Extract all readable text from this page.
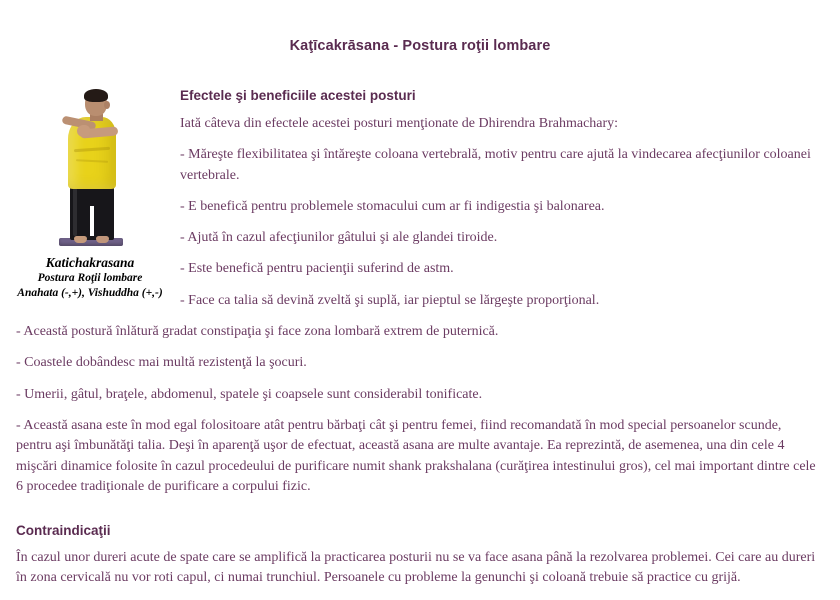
Kaţīcakrāsana - Postura roţii lombare
Katichakrasana
Postura Roţii lombare
Anahata (-,+), Vishuddha (+,-)
Efectele şi beneficiile acestei posturi

Iată câteva din efectele acestei posturi menţionate de Dhirendra Brahmachary:

- Măreşte flexibilitatea şi întăreşte coloana vertebrală, motiv pentru care ajută la vindecarea afecţiunilor coloanei vertebrale.

- E benefică pentru problemele stomacului cum ar fi indigestia şi balonarea.

- Ajută în cazul afecţiunilor gâtului şi ale glandei tiroide.

- Este benefică pentru pacienţii suferind de astm.

- Face ca talia să devină zveltă şi suplă, iar pieptul se lărgeşte proporţional.

- Această postură înlătură gradat constipaţia şi face zona lombară extrem de puternică.

- Coastele dobândesc mai multă rezistenţă la şocuri.

- Umerii, gâtul, braţele, abdomenul, spatele şi coapsele sunt considerabil tonificate.

- Această asana este în mod egal folositoare atât pentru bărbaţi cât şi pentru femei, fiind recomandată în mod special persoanelor scunde, pentru aşi îmbunătăţi talia. Deşi în aparenţă uşor de efectuat, această asana are multe avantaje. Ea reprezintă, de asemenea, una din cele 4 mişcări dinamice folosite în cazul procedeului de purificare numit shank prakshalana (curăţirea intestinului gros), cel mai important dintre cele 6 procedee tradiţionale de purificare a corpului fizic.

Contraindicaţii

În cazul unor dureri acute de spate care se amplifică la practicarea posturii nu se va face asana până la rezolvarea problemei. Cei care au dureri în zona cervicală nu vor roti capul, ci numai trunchiul. Persoanele cu probleme la genunchi şi coloană trebuie să practice cu grijă.
